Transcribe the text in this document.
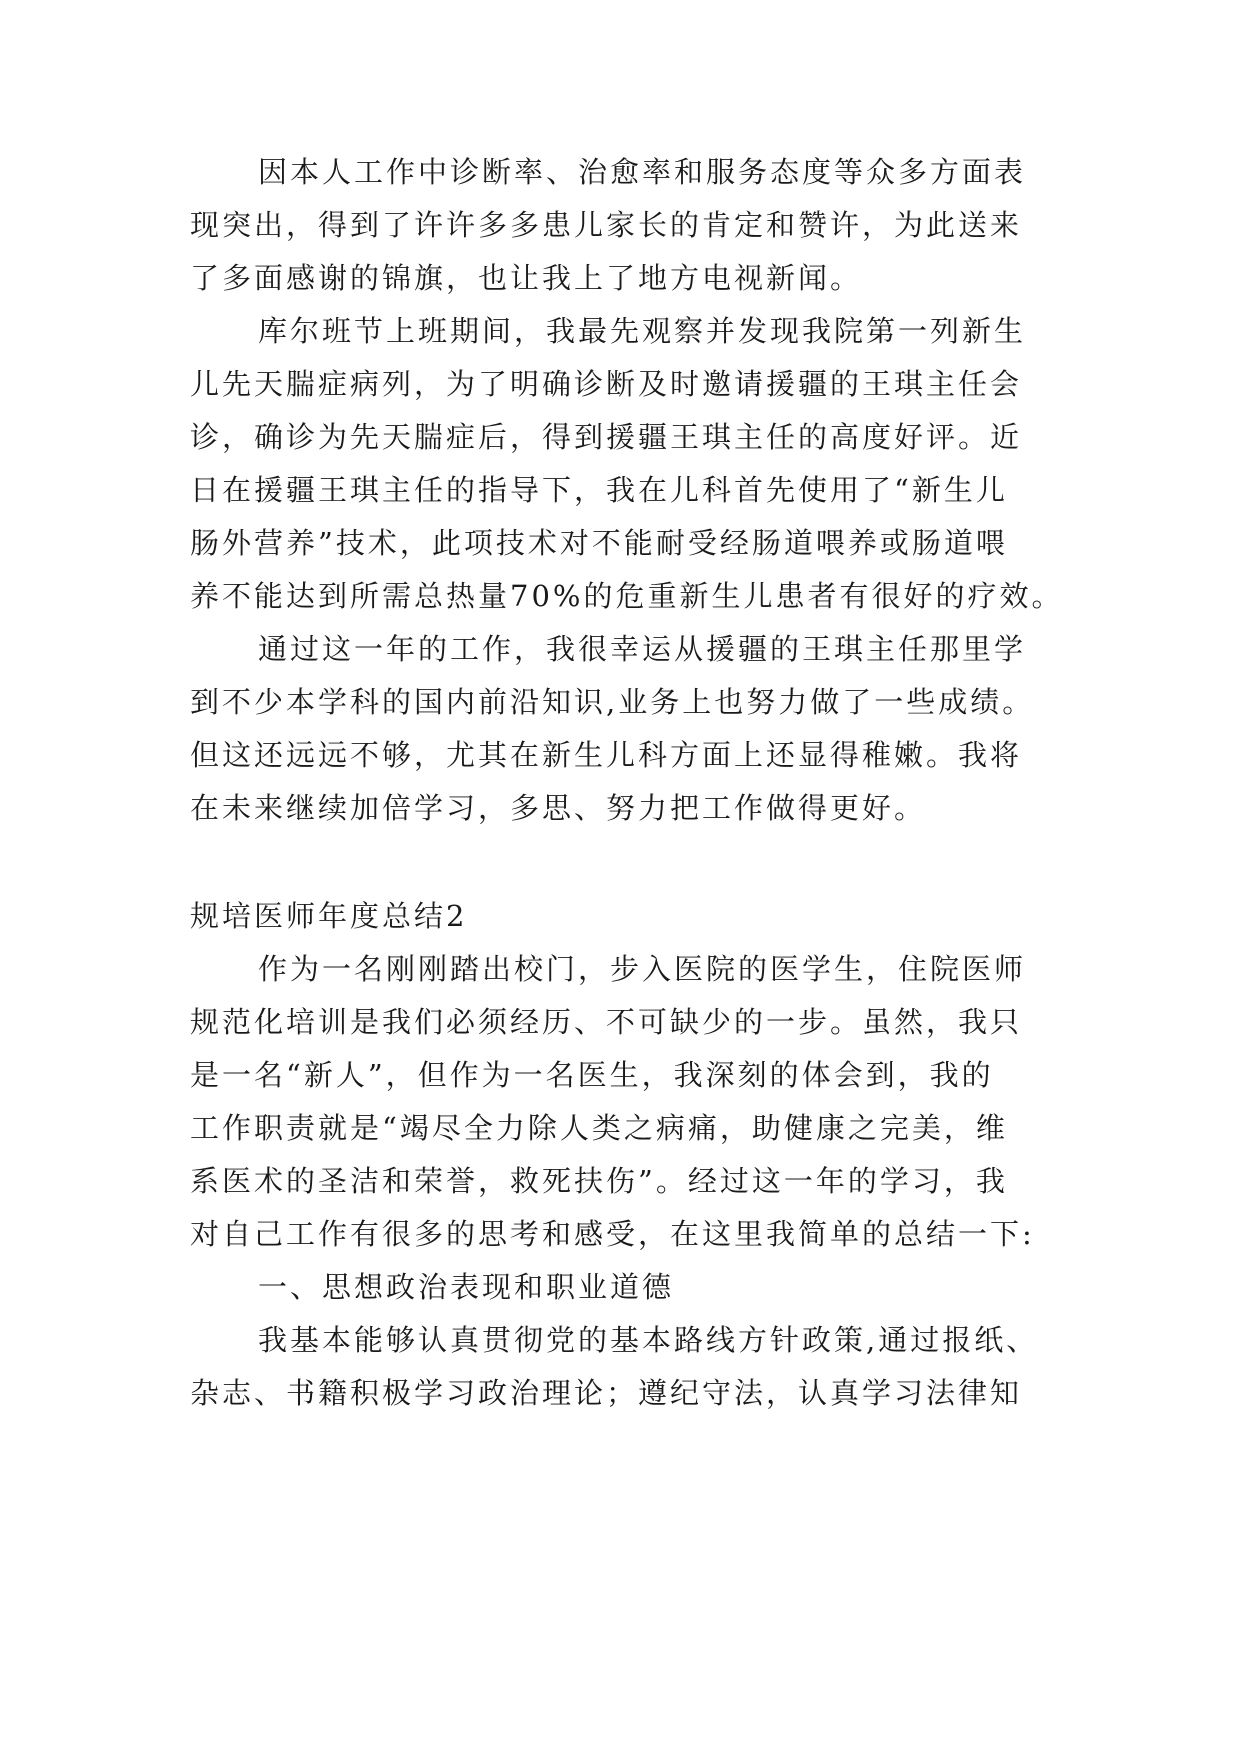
因本人工作中诊断率、治愈率和服务态度等众多方面表
现突出，得到了许许多多患儿家长的肯定和赞许，为此送来
了多面感谢的锦旗，也让我上了地方电视新闻。
库尔班节上班期间，我最先观察并发现我院第一列新生
儿先天腨症病列，为了明确诊断及时邀请援疆的王琪主任会
诊，确诊为先天腨症后，得到援疆王琪主任的高度好评。近
日在援疆王琪主任的指导下，我在儿科首先使用了“新生儿
肠外营养”技术，此项技术对不能耐受经肠道喂养或肠道喂
养不能达到所需总热量70%的危重新生儿患者有很好的疗效。
通过这一年的工作，我很幸运从援疆的王琪主任那里学
到不少本学科的国内前沿知识,业务上也努力做了一些成绩。
但这还远远不够，尤其在新生儿科方面上还显得稚嫩。我将
在未来继续加倍学习，多思、努力把工作做得更好。
规培医师年度总结2
作为一名刚刚踏出校门，步入医院的医学生，住院医师
规范化培训是我们必须经历、不可缺少的一步。虽然，我只
是一名“新人”，但作为一名医生，我深刻的体会到，我的
工作职责就是“竭尽全力除人类之病痛，助健康之完美，维
系医术的圣洁和荣誉，救死扶伤”。经过这一年的学习，我
对自己工作有很多的思考和感受，在这里我简单的总结一下:
一、思想政治表现和职业道德
我基本能够认真贯彻党的基本路线方针政策,通过报纸、
杂志、书籍积极学习政治理论；遵纪守法，认真学习法律知
